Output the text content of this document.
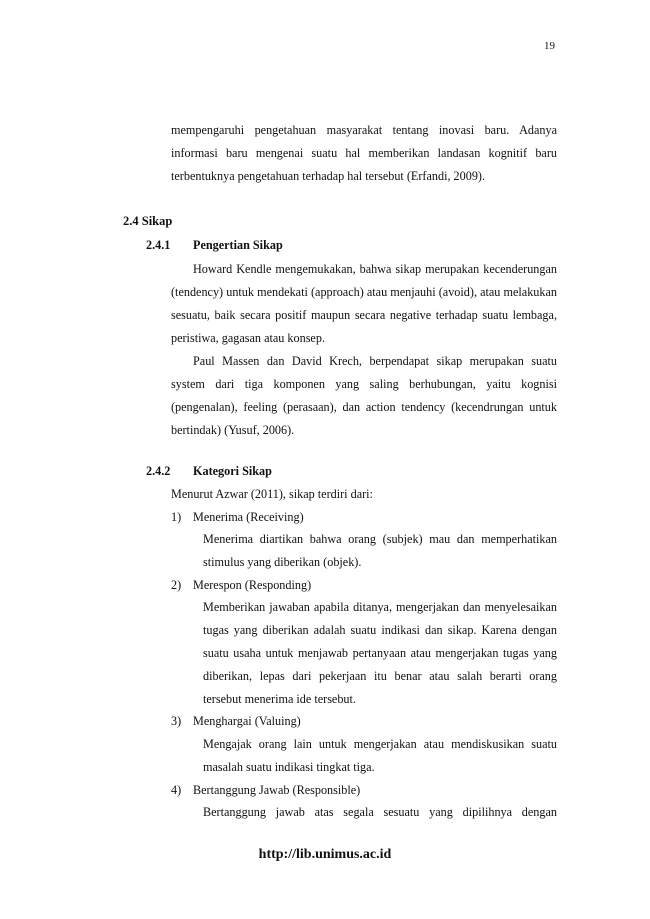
19
mempengaruhi pengetahuan masyarakat tentang inovasi baru. Adanya informasi baru mengenai suatu hal memberikan landasan kognitif baru terbentuknya pengetahuan terhadap hal tersebut (Erfandi, 2009).
2.4 Sikap
2.4.1 Pengertian Sikap
Howard Kendle mengemukakan, bahwa sikap merupakan kecenderungan (tendency) untuk mendekati (approach) atau menjauhi (avoid), atau melakukan sesuatu, baik secara positif maupun secara negative terhadap suatu lembaga, peristiwa, gagasan atau konsep.
Paul Massen dan David Krech, berpendapat sikap merupakan suatu system dari tiga komponen yang saling berhubungan, yaitu kognisi (pengenalan), feeling (perasaan), dan action tendency (kecendrungan untuk bertindak) (Yusuf, 2006).
2.4.2 Kategori Sikap
Menurut Azwar (2011), sikap terdiri dari:
1) Menerima (Receiving)
Menerima diartikan bahwa orang (subjek) mau dan memperhatikan stimulus yang diberikan (objek).
2) Merespon (Responding)
Memberikan jawaban apabila ditanya, mengerjakan dan menyelesaikan tugas yang diberikan adalah suatu indikasi dan sikap. Karena dengan suatu usaha untuk menjawab pertanyaan atau mengerjakan tugas yang diberikan, lepas dari pekerjaan itu benar atau salah berarti orang tersebut menerima ide tersebut.
3) Menghargai (Valuing)
Mengajak orang lain untuk mengerjakan atau mendiskusikan suatu masalah suatu indikasi tingkat tiga.
4) Bertanggung Jawab (Responsible)
Bertanggung jawab atas segala sesuatu yang dipilihnya dengan
http://lib.unimus.ac.id
